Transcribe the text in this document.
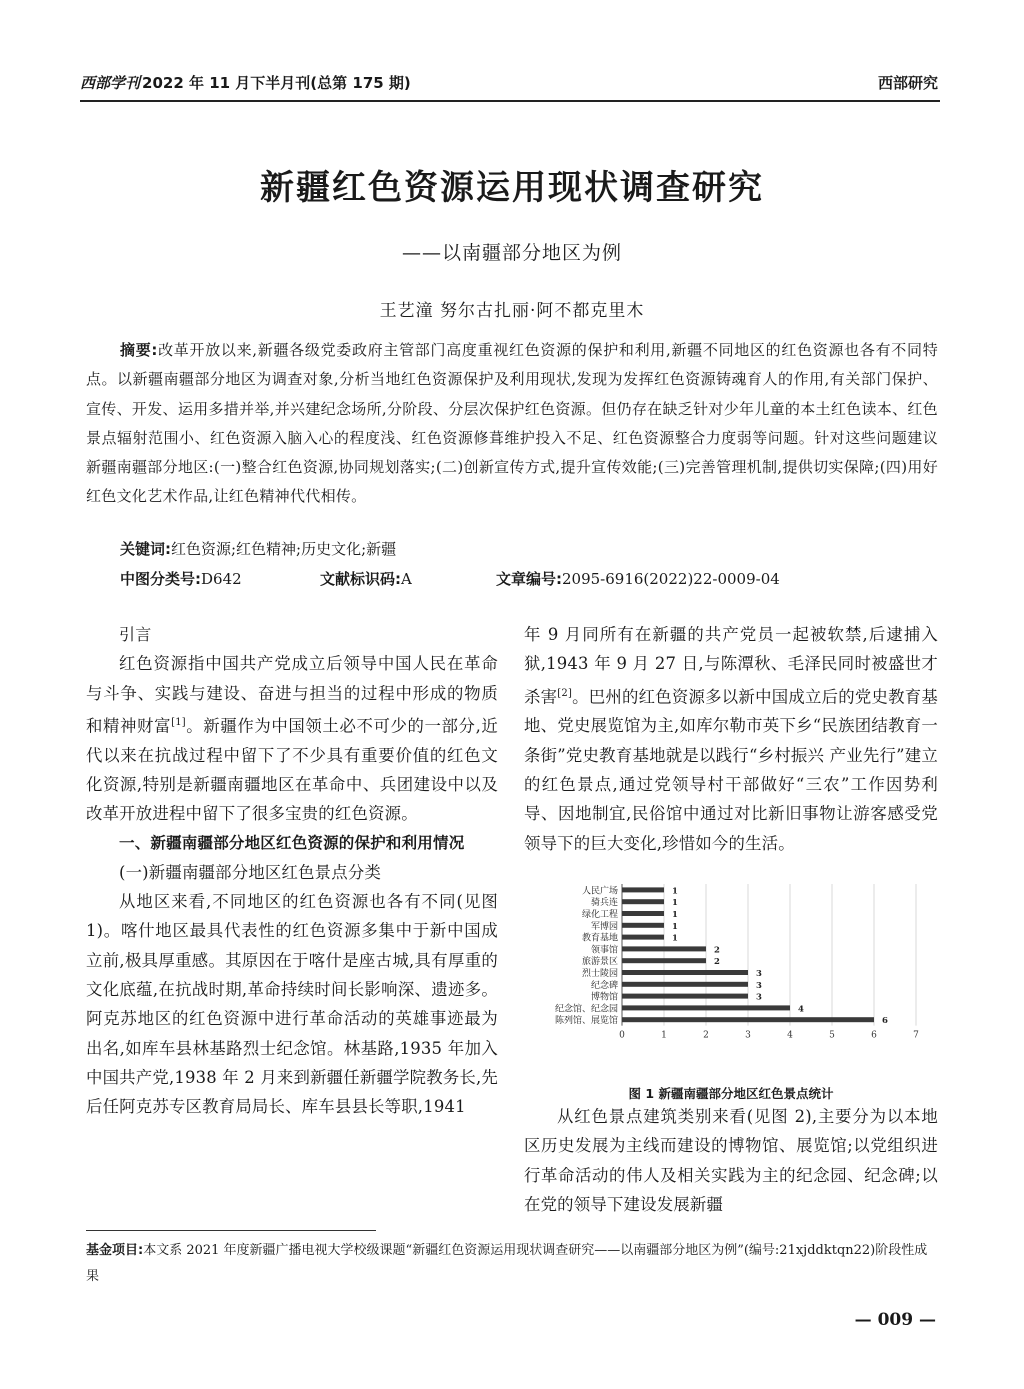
西部学刊 2022 年 11 月下半月刊(总第 175 期)	西部研究
新疆红色资源运用现状调查研究
——以南疆部分地区为例
王艺潼 努尔古扎丽·阿不都克里木
摘要:改革开放以来,新疆各级党委政府主管部门高度重视红色资源的保护和利用,新疆不同地区的红色资源也各有不同特点。以新疆南疆部分地区为调查对象,分析当地红色资源保护及利用现状,发现为发挥红色资源铸魂育人的作用,有关部门保护、宣传、开发、运用多措并举,并兴建纪念场所,分阶段、分层次保护红色资源。但仍存在缺乏针对少年儿童的本土红色读本、红色景点辐射范围小、红色资源入脑入心的程度浅、红色资源修葺维护投入不足、红色资源整合力度弱等问题。针对这些问题建议新疆南疆部分地区:(一)整合红色资源,协同规划落实;(二)创新宣传方式,提升宣传效能;(三)完善管理机制,提供切实保障;(四)用好红色文化艺术作品,让红色精神代代相传。
关键词:红色资源;红色精神;历史文化;新疆
中图分类号:D642	文献标识码:A	文章编号:2095-6916(2022)22-0009-04

引言

红色资源指中国共产党成立后领导中国人民在革命与斗争、实践与建设、奋进与担当的过程中形成的物质和精神财富[1]。新疆作为中国领土必不可少的一部分,近代以来在抗战过程中留下了不少具有重要价值的红色文化资源,特别是新疆南疆地区在革命中、兵团建设中以及改革开放进程中留下了很多宝贵的红色资源。

一、新疆南疆部分地区红色资源的保护和利用情况

(一)新疆南疆部分地区红色景点分类

从地区来看,不同地区的红色资源也各有不同(见图 1)。喀什地区最具代表性的红色资源多集中于新中国成立前,极具厚重感。其原因在于喀什是座古城,具有厚重的文化底蕴,在抗战时期,革命持续时间长影响深、遗迹多。阿克苏地区的红色资源中进行革命活动的英雄事迹最为出名,如库车县林基路烈士纪念馆。林基路,1935 年加入中国共产党,1938 年 2 月来到新疆任新疆学院教务长,先后任阿克苏专区教育局局长、库车县县长等职,1941

年 9 月同所有在新疆的共产党员一起被软禁,后逮捕入狱,1943 年 9 月 27 日,与陈潭秋、毛泽民同时被盛世才杀害[2]。巴州的红色资源多以新中国成立后的党史教育基地、党史展览馆为主,如库尔勒市英下乡“民族团结教育一条街”党史教育基地就是以践行“乡村振兴 产业先行”建立的红色景点,通过党领导村干部做好“三农”工作因势利导、因地制宜,民俗馆中通过对比新旧事物让游客感受党领导下的巨大变化,珍惜如今的生活。

0	1	2	3	4	5	6	7
人民广场	1
骑兵连	1
绿化工程	1
军博园	1
教育基地	1
领事馆	2
旅游景区	2
烈士陵园	3
纪念碑	3
博物馆	3
纪念馆、纪念园	4
陈列馆、展览馆	6
图 1 新疆南疆部分地区红色景点统计

从红色景点建筑类别来看(见图 2),主要分为以本地区历史发展为主线而建设的博物馆、展览馆;以党组织进行革命活动的伟人及相关实践为主的纪念园、纪念碑;以在党的领导下建设发展新疆

基金项目:本文系 2021 年度新疆广播电视大学校级课题“新疆红色资源运用现状调查研究——以南疆部分地区为例”(编号:21xjddktqn22)阶段性成果
— 009 —
